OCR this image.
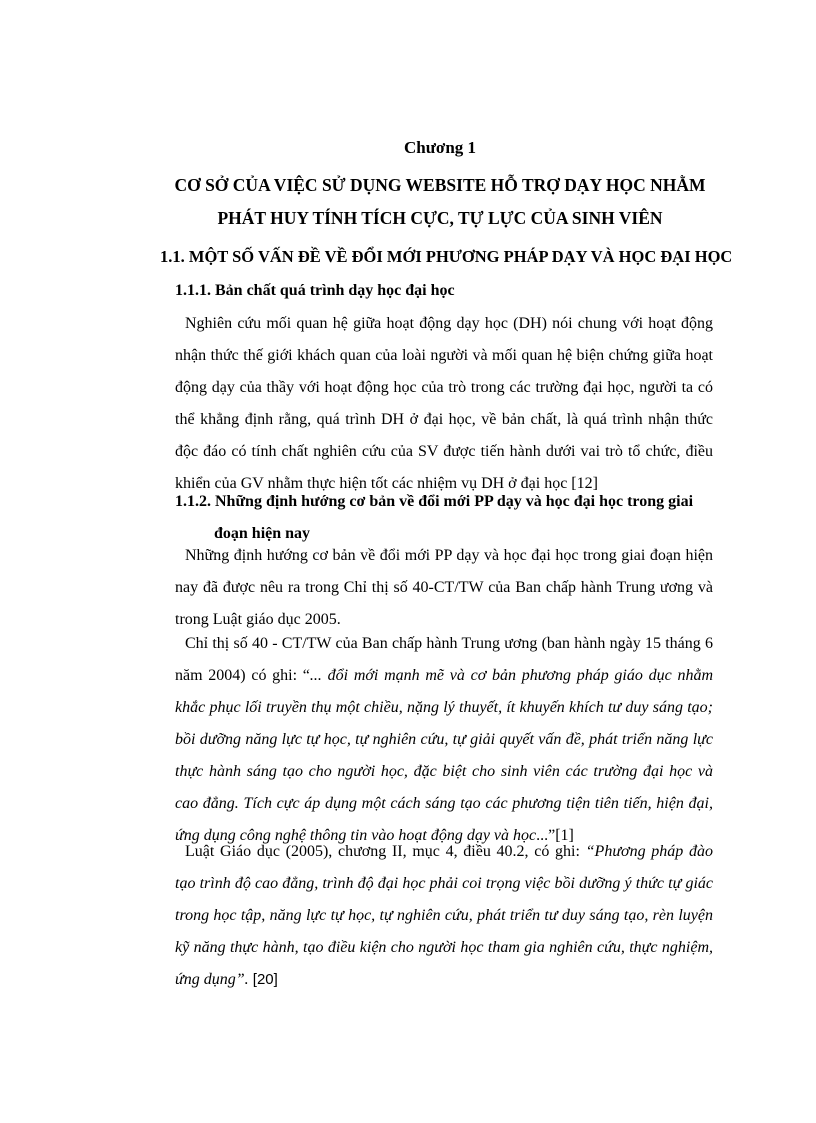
Chương 1
CƠ SỞ CỦA VIỆC SỬ DỤNG WEBSITE HỖ TRỢ DẠY HỌC NHẰM
PHÁT HUY TÍNH TÍCH CỰC, TỰ LỰC CỦA SINH VIÊN
1.1. MỘT SỐ VẤN ĐỀ VỀ ĐỔI MỚI PHƯƠNG PHÁP DẠY VÀ HỌC ĐẠI HỌC
1.1.1. Bản chất quá trình dạy học đại học

Nghiên cứu mối quan hệ giữa hoạt động dạy học (DH) nói chung với hoạt động nhận thức thế giới khách quan của loài người và mối quan hệ biện chứng giữa hoạt động dạy của thầy với hoạt động học của trò trong các trường đại học, người ta có thể khẳng định rằng, quá trình DH ở đại học, về bản chất, là quá trình nhận thức độc đáo có tính chất nghiên cứu của SV được tiến hành dưới vai trò tổ chức, điều khiển của GV nhằm thực hiện tốt các nhiệm vụ DH ở đại học [12]

1.1.2. Những định hướng cơ bản về đổi mới PP dạy và học đại học trong giai
đoạn hiện nay

Những định hướng cơ bản về đổi mới PP dạy và học đại học trong giai đoạn hiện nay đã được nêu ra trong Chỉ thị số 40-CT/TW của Ban chấp hành Trung ương và trong Luật giáo dục 2005.

Chỉ thị số 40 - CT/TW của Ban chấp hành Trung ương (ban hành ngày 15 tháng 6 năm 2004) có ghi: “... đổi mới mạnh mẽ và cơ bản phương pháp giáo dục nhằm khắc phục lối truyền thụ một chiều, nặng lý thuyết, ít khuyến khích tư duy sáng tạo; bồi dưỡng năng lực tự học, tự nghiên cứu, tự giải quyết vấn đề, phát triển năng lực thực hành sáng tạo cho người học, đặc biệt cho sinh viên các trường đại học và cao đẳng. Tích cực áp dụng một cách sáng tạo các phương tiện tiên tiến, hiện đại, ứng dụng công nghệ thông tin vào hoạt động dạy và học...”[1]

Luật Giáo dục (2005), chương II, mục 4, điều 40.2, có ghi: “Phương pháp đào tạo trình độ cao đẳng, trình độ đại học phải coi trọng việc bồi dưỡng ý thức tự giác trong học tập, năng lực tự học, tự nghiên cứu, phát triển tư duy sáng tạo, rèn luyện kỹ năng thực hành, tạo điều kiện cho người học tham gia nghiên cứu, thực nghiệm, ứng dụng”. [20]
